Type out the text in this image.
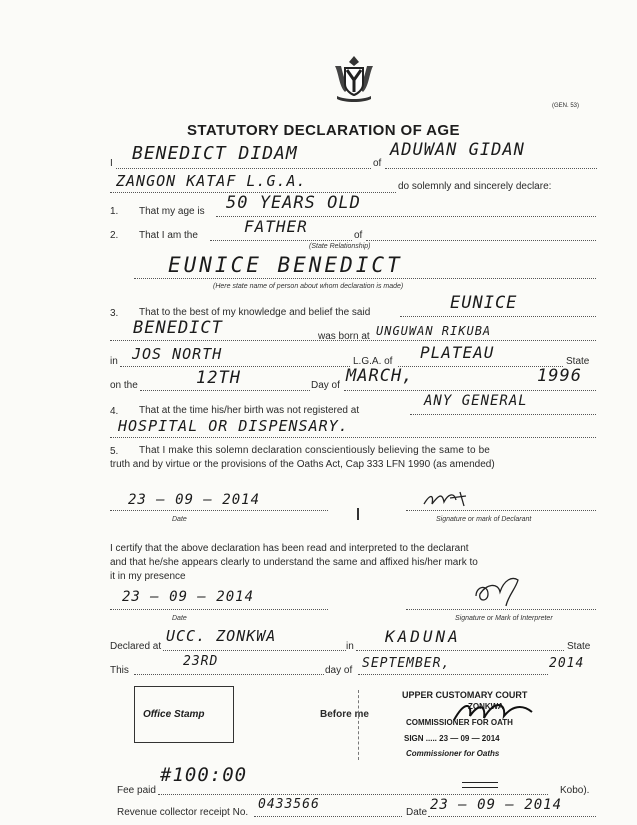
(GEN. 53)
STATUTORY DECLARATION OF AGE
I BENEDICT DIDAM	of
ADUWAN GIDAN
ZANGON KATAF L.G.A.	do solemnly and sincerely declare:
1. That my age is 50 YEARS OLD
2. That I am the	FATHER	of
(State Relationship)
EUNICE BENEDICT
(Here state name of person about whom declaration is made)
3. That to the best of my knowledge and belief the said	EUNICE
BENEDICT	was born at UNGUWAN RIKUBA
in JOS NORTH	L.G.A. of PLATEAU	State
on the	12TH	Day of MARCH,	1996
4. That at the time his/her birth was not registered at
ANY GENERAL
HOSPITAL OR DISPENSARY.
5. That I make this solemn declaration conscientiously believing the same to be
truth and by virtue or the provisions of the Oaths Act, Cap 333 LFN 1990 (as amended)
23 — 09 — 2014
Date	Signature or mark of Declarant
I certify that the above declaration has been read and interpreted to the declarant
and that he/she appears clearly to understand the same and affixed his/her mark to
it in my presence
23 — 09 — 2014
Date	Signature or Mark of Interpreter
Declared at
UCC. ZONKWA
in
KADUNA
State
This
23RD
day of SEPTEMBER,	2014
Office Stamp	Before me
UPPER CUSTOMARY COURT
ZONKWA
COMMISSIONER FOR OATH
SIGN ..... 23 — 09 — 2014
Commissioner for Oaths
Fee paid
#100:00
Kobo).
Revenue collector receipt No.
0433566
Date 23 — 09 — 2014
